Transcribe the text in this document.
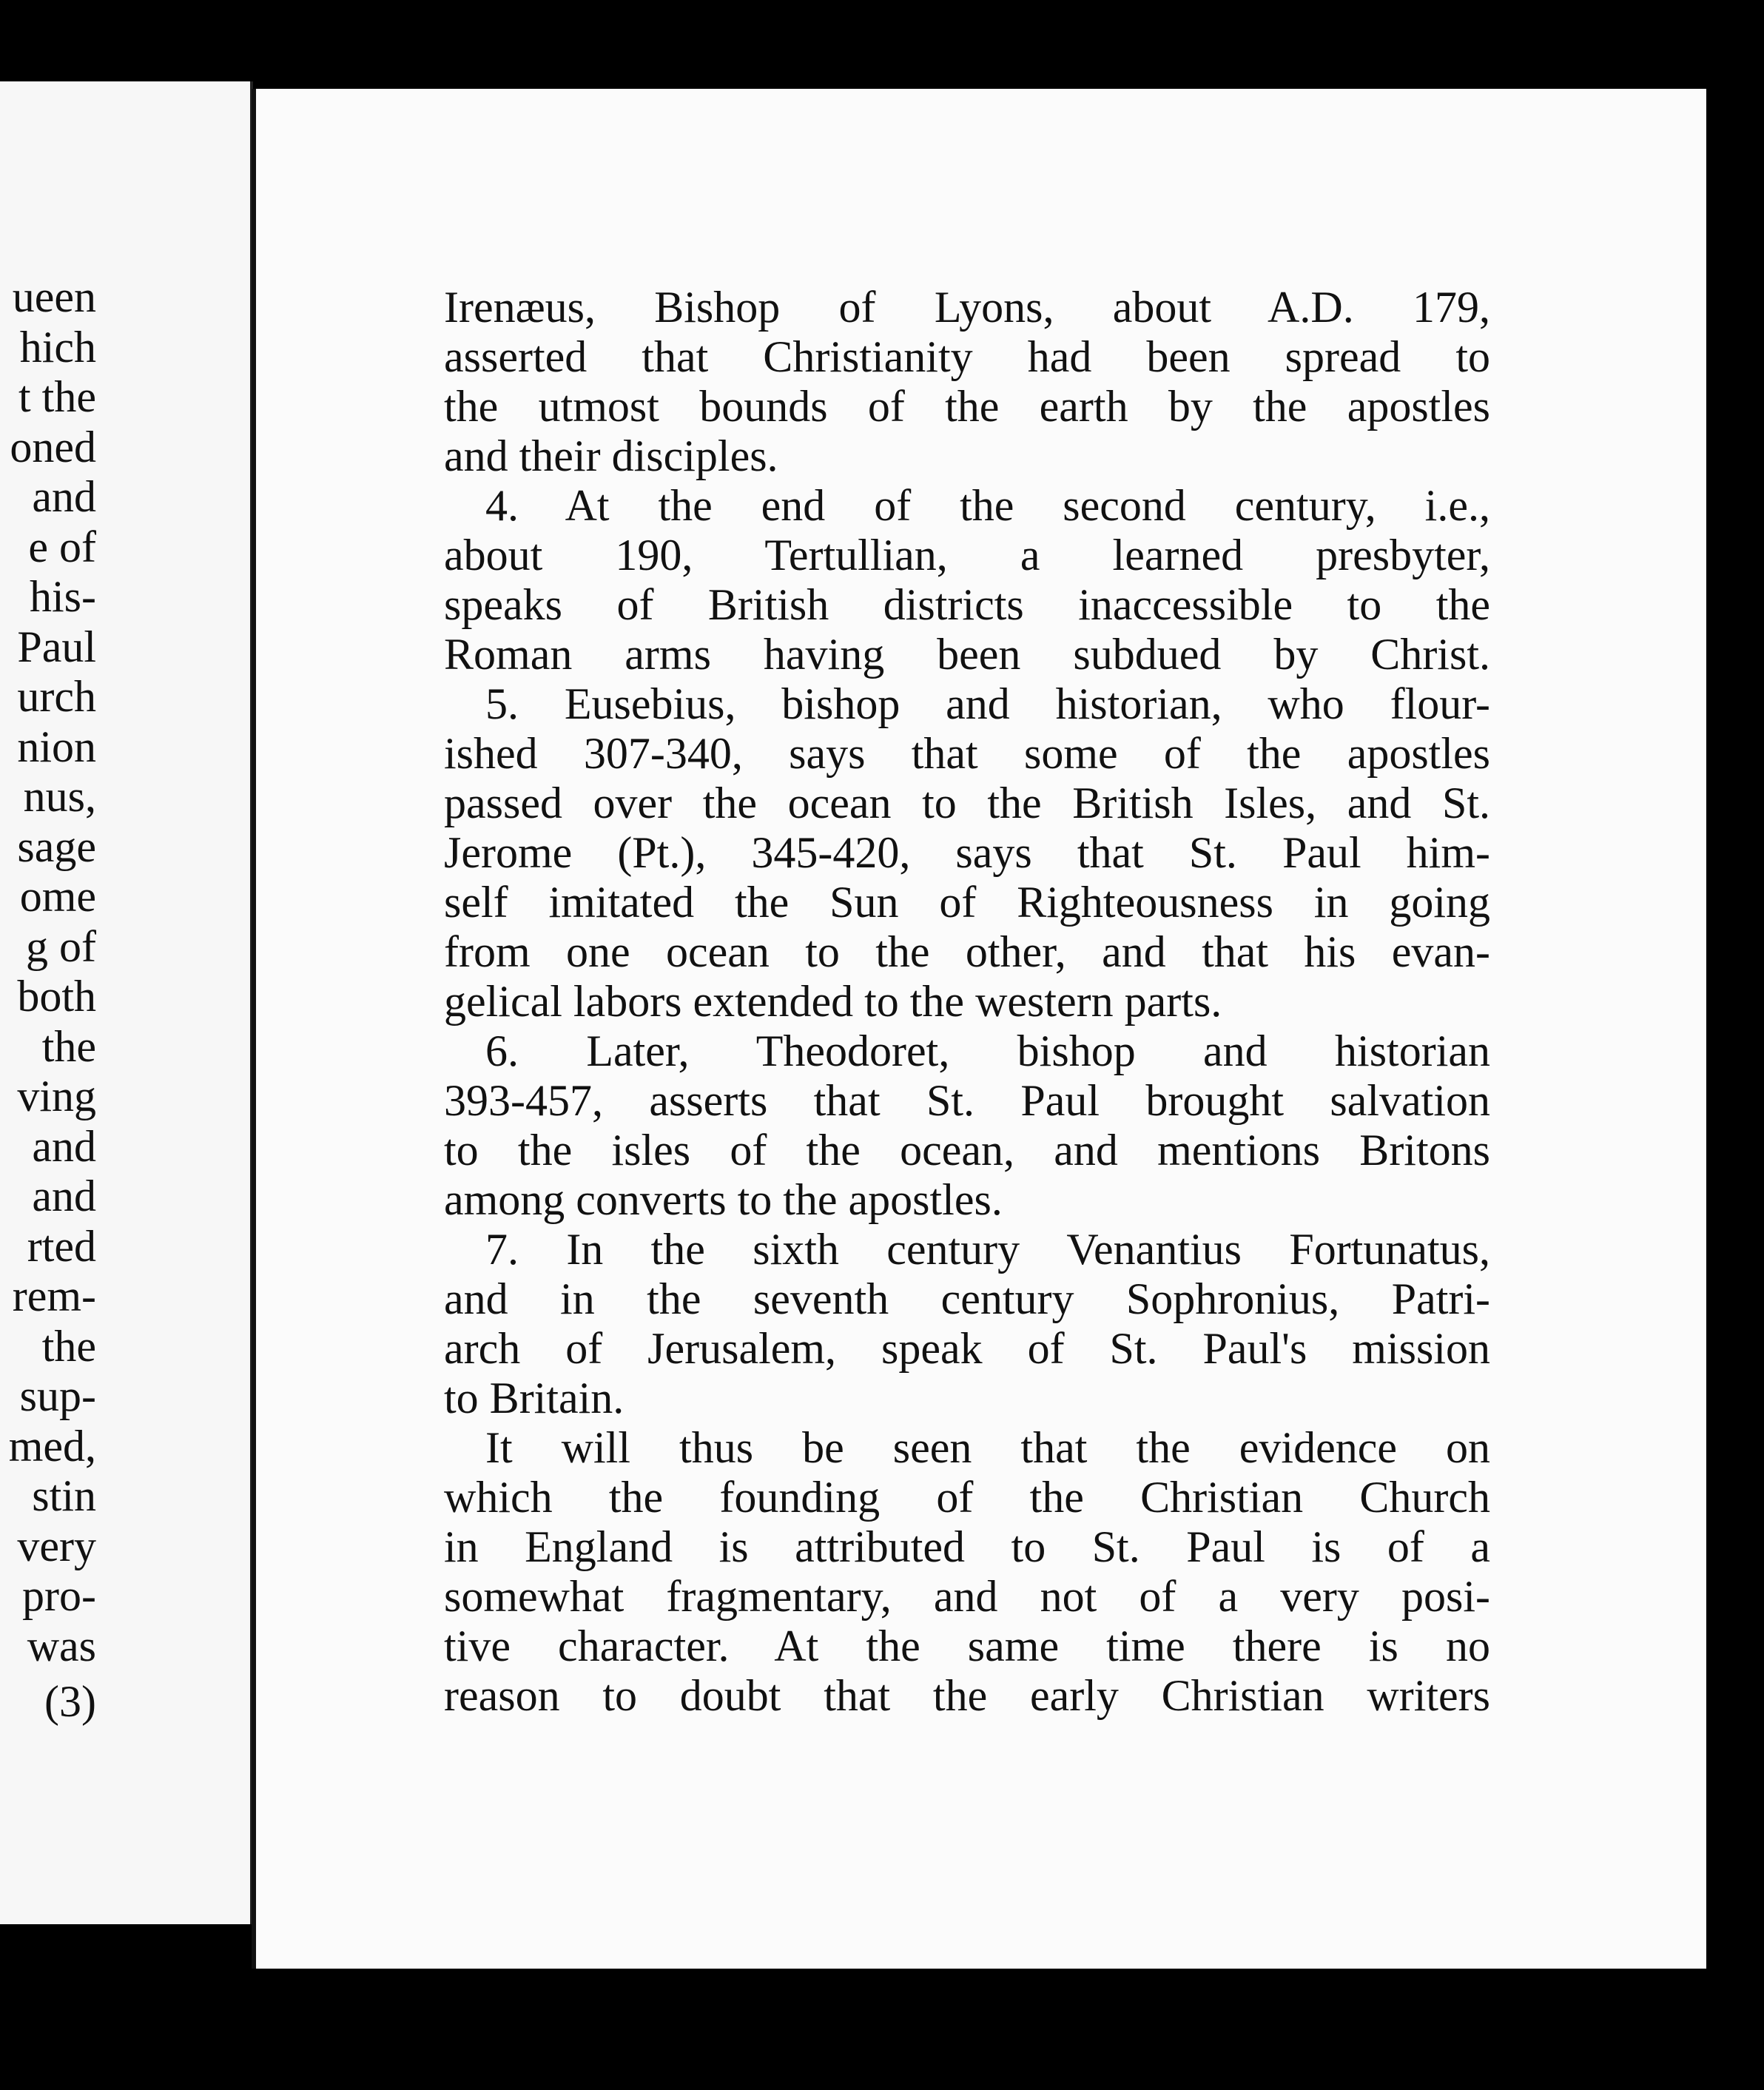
ueen
hich
t the
oned
and
e of
his-
Paul
urch
nion
nus,
sage
ome
g of
both
the
ving
and
and
rted
rem-
the
sup-
med,
stin
very
pro-
was
(3)
Irenæus, Bishop of Lyons, about A.D. 179,
asserted that Christianity had been spread to
the utmost bounds of the earth by the apostles
and their disciples.
4. At the end of the second century, i.e.,
about 190, Tertullian, a learned presbyter,
speaks of British districts inaccessible to the
Roman arms having been subdued by Christ.
5. Eusebius, bishop and historian, who flour-
ished 307-340, says that some of the apostles
passed over the ocean to the British Isles, and St.
Jerome (Pt.), 345-420, says that St. Paul him-
self imitated the Sun of Righteousness in going
from one ocean to the other, and that his evan-
gelical labors extended to the western parts.
6. Later, Theodoret, bishop and historian
393-457, asserts that St. Paul brought salvation
to the isles of the ocean, and mentions Britons
among converts to the apostles.
7. In the sixth century Venantius Fortunatus,
and in the seventh century Sophronius, Patri-
arch of Jerusalem, speak of St. Paul's mission
to Britain.
It will thus be seen that the evidence on
which the founding of the Christian Church
in England is attributed to St. Paul is of a
somewhat fragmentary, and not of a very posi-
tive character. At the same time there is no
reason to doubt that the early Christian writers
